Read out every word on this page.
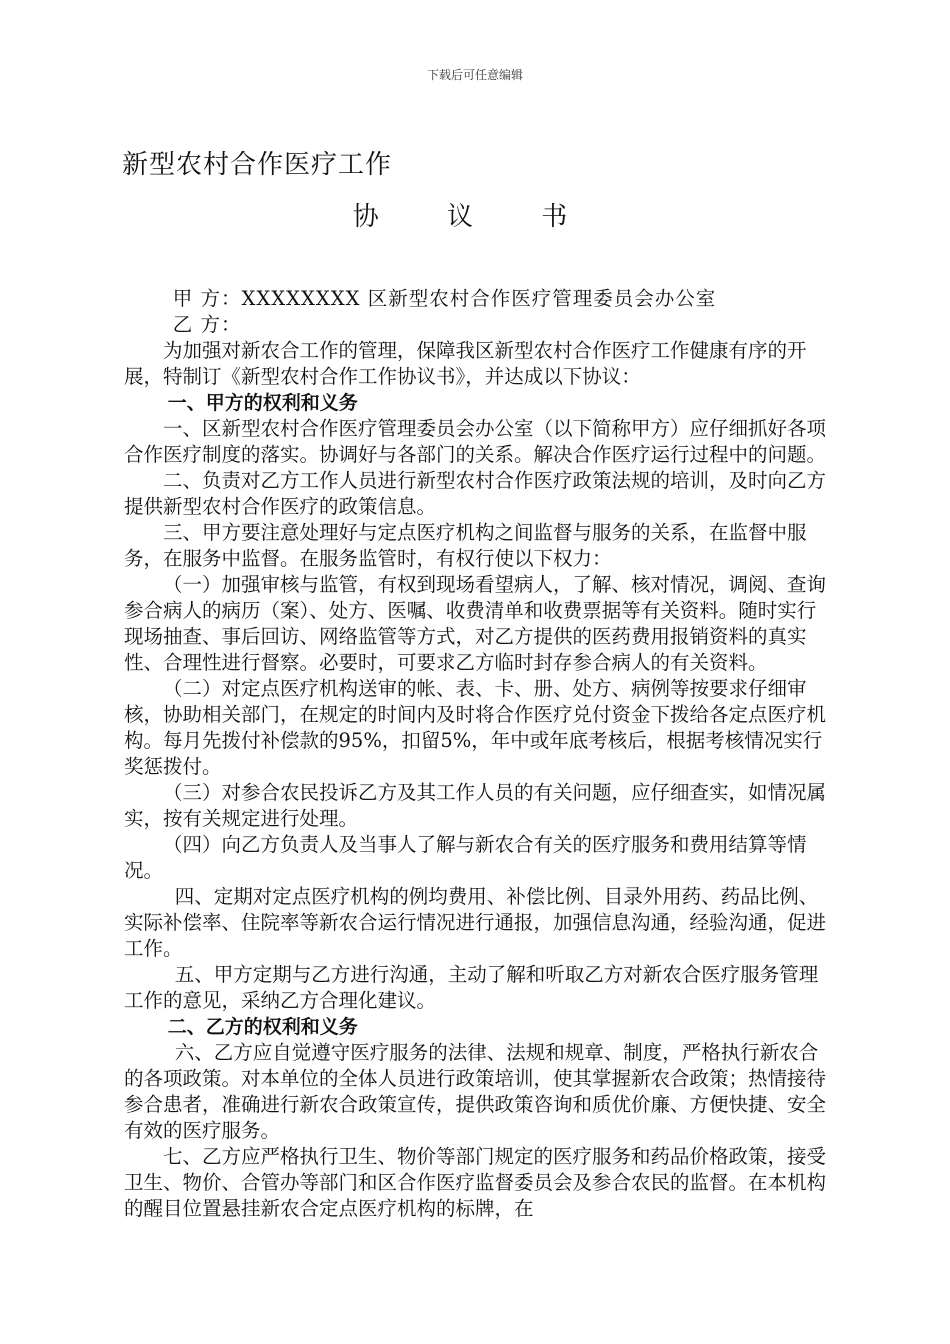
下载后可任意编辑
新型农村合作医疗工作
协 议 书

甲 方：XXXXXXXX 区新型农村合作医疗管理委员会办公室

乙 方：

为加强对新农合工作的管理，保障我区新型农村合作医疗工作健康有序的开展，特制订《新型农村合作工作协议书》，并达成以下协议：

一、甲方的权利和义务

一、区新型农村合作医疗管理委员会办公室（以下简称甲方）应仔细抓好各项合作医疗制度的落实。协调好与各部门的关系。解决合作医疗运行过程中的问题。

二、负责对乙方工作人员进行新型农村合作医疗政策法规的培训，及时向乙方提供新型农村合作医疗的政策信息。

三、甲方要注意处理好与定点医疗机构之间监督与服务的关系，在监督中服务，在服务中监督。在服务监管时，有权行使以下权力：

（一）加强审核与监管，有权到现场看望病人，了解、核对情况，调阅、查询参合病人的病历（案）、处方、医嘱、收费清单和收费票据等有关资料。随时实行现场抽查、事后回访、网络监管等方式，对乙方提供的医药费用报销资料的真实性、合理性进行督察。必要时，可要求乙方临时封存参合病人的有关资料。

（二）对定点医疗机构送审的帐、表、卡、册、处方、病例等按要求仔细审核，协助相关部门，在规定的时间内及时将合作医疗兑付资金下拨给各定点医疗机构。每月先拨付补偿款的95%，扣留5%，年中或年底考核后，根据考核情况实行奖惩拨付。

（三）对参合农民投诉乙方及其工作人员的有关问题，应仔细查实，如情况属实，按有关规定进行处理。

（四）向乙方负责人及当事人了解与新农合有关的医疗服务和费用结算等情况。

四、定期对定点医疗机构的例均费用、补偿比例、目录外用药、药品比例、实际补偿率、住院率等新农合运行情况进行通报，加强信息沟通，经验沟通，促进工作。

五、甲方定期与乙方进行沟通，主动了解和听取乙方对新农合医疗服务管理工作的意见，采纳乙方合理化建议。

二、乙方的权利和义务

六、乙方应自觉遵守医疗服务的法律、法规和规章、制度，严格执行新农合的各项政策。对本单位的全体人员进行政策培训，使其掌握新农合政策；热情接待参合患者，准确进行新农合政策宣传，提供政策咨询和质优价廉、方便快捷、安全有效的医疗服务。

七、乙方应严格执行卫生、物价等部门规定的医疗服务和药品价格政策，接受卫生、物价、合管办等部门和区合作医疗监督委员会及参合农民的监督。在本机构的醒目位置悬挂新农合定点医疗机构的标牌，在
